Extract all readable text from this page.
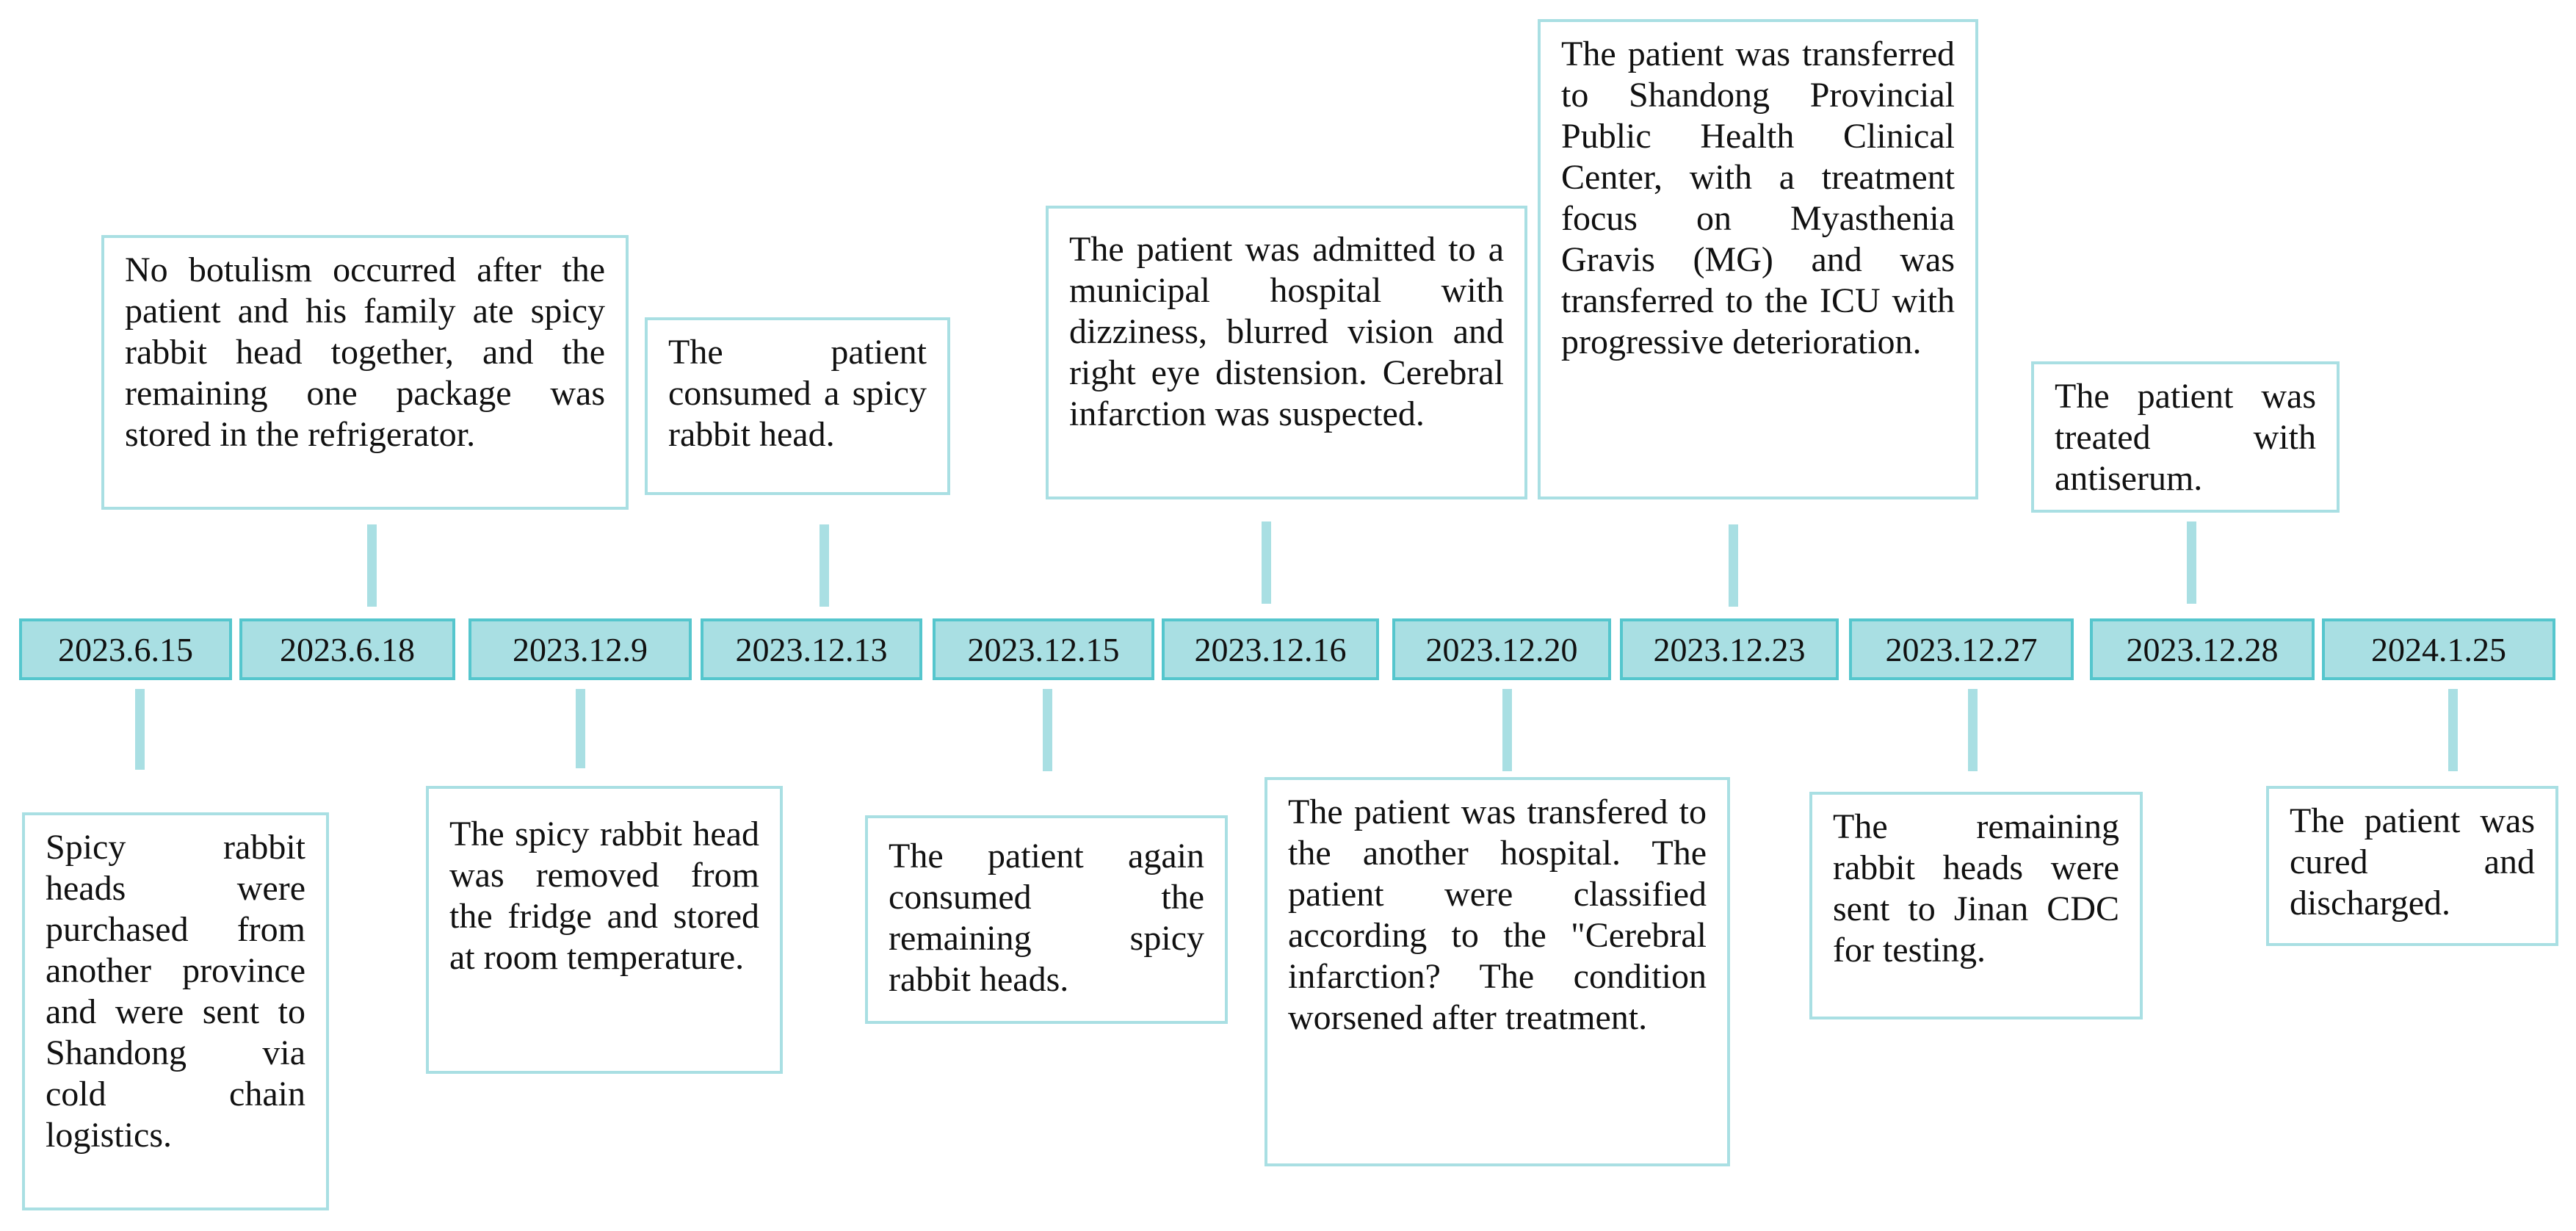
No botulism occurred after the patient and his family ate spicy rabbit head together, and the remaining one package was stored in the refrigerator.
The patient consumed a spicy rabbit head.
The patient was admitted to a municipal hospital with dizziness, blurred vision and right eye distension. Cerebral infarction was suspected.
The patient was transferred to Shandong Provincial Public Health Clinical Center, with a treatment focus on Myasthenia Gravis (MG) and was transferred to the ICU with progressive deterioration.
The patient was treated with antiserum.
2023.6.15	2023.6.18	2023.12.9	2023.12.13	2023.12.15	2023.12.16	2023.12.20	2023.12.23	2023.12.27	2023.12.28	2024.1.25
Spicy rabbit heads were purchased from another province and were sent to Shandong via cold chain logistics.
The spicy rabbit head was removed from the fridge and stored at room temperature.
The patient again consumed the remaining spicy rabbit heads.
The patient was transfered to the another hospital. The patient were classified according to the "Cerebral infarction? The condition worsened after treatment.
The remaining rabbit heads were sent to Jinan CDC for testing.
The patient was cured and discharged.
